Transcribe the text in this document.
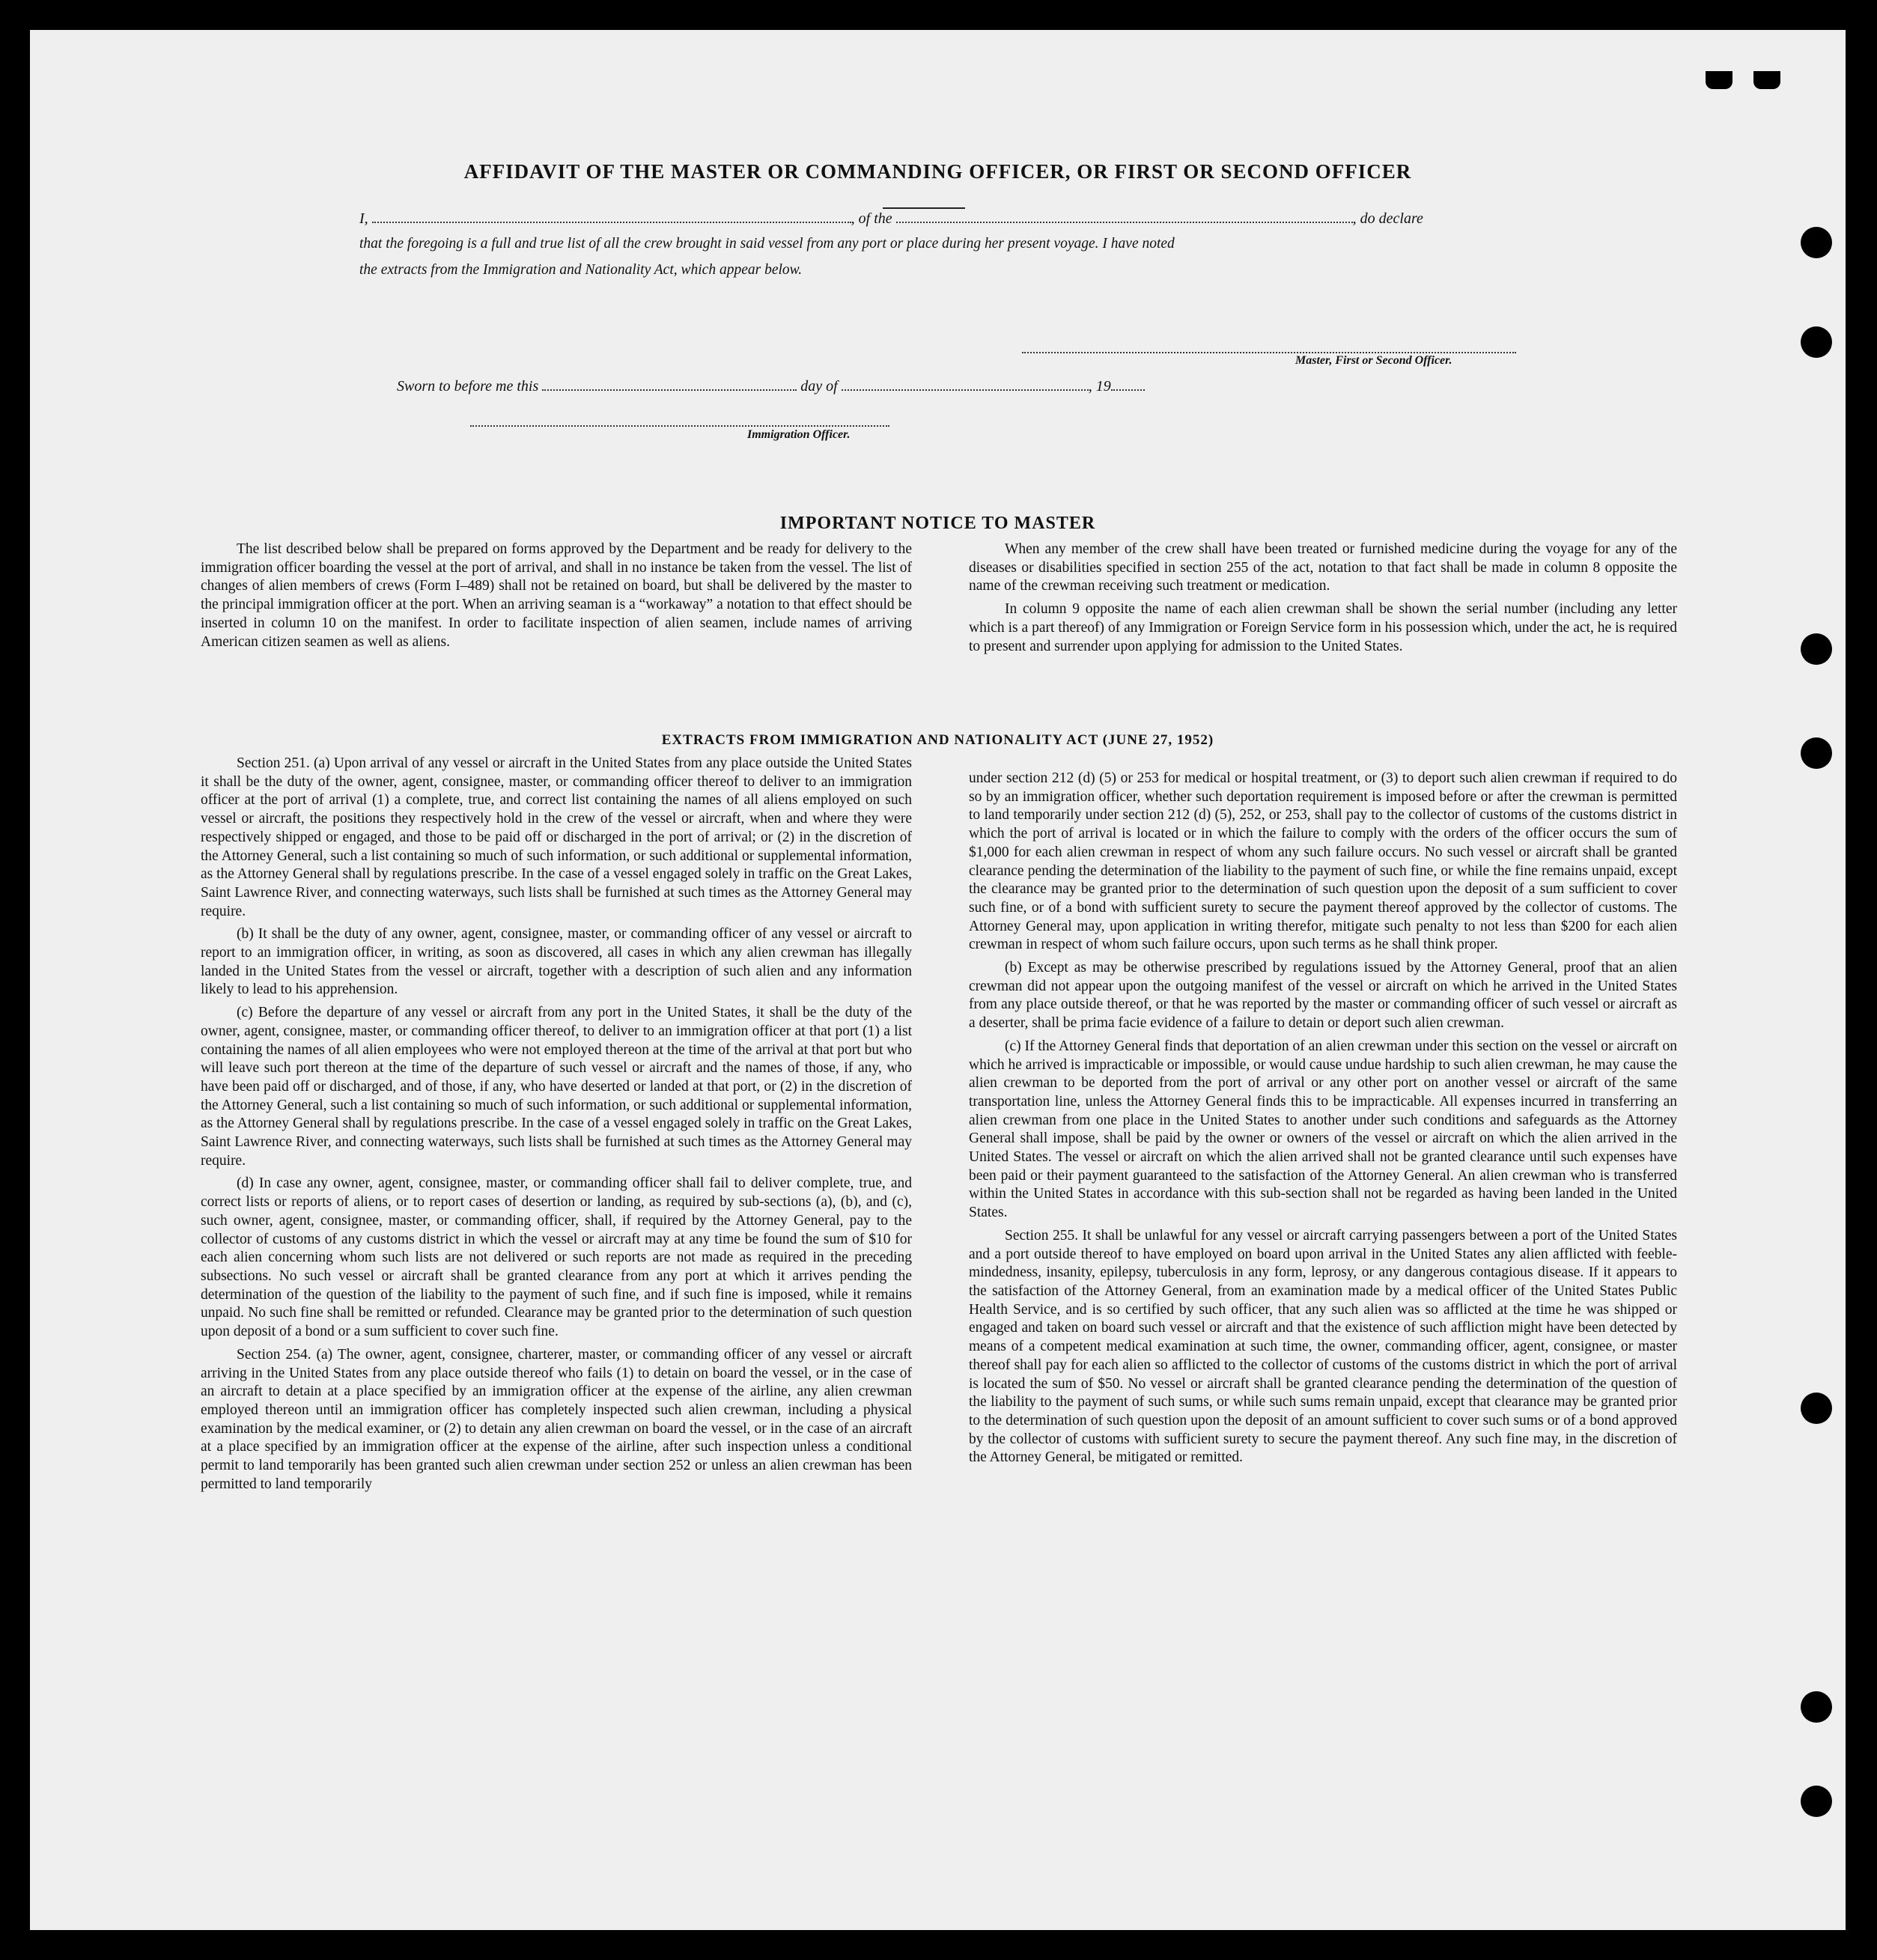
AFFIDAVIT OF THE MASTER OR COMMANDING OFFICER, OR FIRST OR SECOND OFFICER
I,	, of the	, do declare

that the foregoing is a full and true list of all the crew brought in said vessel from any port or place during her present voyage. I have noted

the extracts from the Immigration and Nationality Act, which appear below.

Master, First or Second Officer.
Sworn to before me this	day of	, 19
Immigration Officer.
IMPORTANT NOTICE TO MASTER

The list described below shall be prepared on forms approved by the Department and be ready for delivery to the immigration officer boarding the vessel at the port of arrival, and shall in no instance be taken from the vessel. The list of changes of alien members of crews (Form I–489) shall not be retained on board, but shall be delivered by the master to the principal immigration officer at the port. When an arriving seaman is a “workaway” a notation to that effect should be inserted in column 10 on the manifest. In order to facilitate inspection of alien seamen, include names of arriving American citizen seamen as well as aliens.

When any member of the crew shall have been treated or furnished medicine during the voyage for any of the diseases or disabilities specified in section 255 of the act, notation to that fact shall be made in column 8 opposite the name of the crewman receiving such treatment or medication.

In column 9 opposite the name of each alien crewman shall be shown the serial number (including any letter which is a part thereof) of any Immigration or Foreign Service form in his possession which, under the act, he is required to present and surrender upon applying for admission to the United States.

EXTRACTS FROM IMMIGRATION AND NATIONALITY ACT (JUNE 27, 1952)

Section 251. (a) Upon arrival of any vessel or aircraft in the United States from any place outside the United States it shall be the duty of the owner, agent, consignee, master, or commanding officer thereof to deliver to an immigration officer at the port of arrival (1) a complete, true, and correct list containing the names of all aliens employed on such vessel or aircraft, the positions they respectively hold in the crew of the vessel or aircraft, when and where they were respectively shipped or engaged, and those to be paid off or discharged in the port of arrival; or (2) in the discretion of the Attorney General, such a list containing so much of such information, or such additional or supplemental information, as the Attorney General shall by regulations prescribe. In the case of a vessel engaged solely in traffic on the Great Lakes, Saint Lawrence River, and connecting waterways, such lists shall be furnished at such times as the Attorney General may require.

(b) It shall be the duty of any owner, agent, consignee, master, or commanding officer of any vessel or aircraft to report to an immigration officer, in writing, as soon as discovered, all cases in which any alien crewman has illegally landed in the United States from the vessel or aircraft, together with a description of such alien and any information likely to lead to his apprehension.

(c) Before the departure of any vessel or aircraft from any port in the United States, it shall be the duty of the owner, agent, consignee, master, or commanding officer thereof, to deliver to an immigration officer at that port (1) a list containing the names of all alien employees who were not employed thereon at the time of the arrival at that port but who will leave such port thereon at the time of the departure of such vessel or aircraft and the names of those, if any, who have been paid off or discharged, and of those, if any, who have deserted or landed at that port, or (2) in the discretion of the Attorney General, such a list containing so much of such information, or such additional or supplemental information, as the Attorney General shall by regulations prescribe. In the case of a vessel engaged solely in traffic on the Great Lakes, Saint Lawrence River, and connecting waterways, such lists shall be furnished at such times as the Attorney General may require.

(d) In case any owner, agent, consignee, master, or commanding officer shall fail to deliver complete, true, and correct lists or reports of aliens, or to report cases of desertion or landing, as required by sub-sections (a), (b), and (c), such owner, agent, consignee, master, or commanding officer, shall, if required by the Attorney General, pay to the collector of customs of any customs district in which the vessel or aircraft may at any time be found the sum of $10 for each alien concerning whom such lists are not delivered or such reports are not made as required in the preceding subsections. No such vessel or aircraft shall be granted clearance from any port at which it arrives pending the determination of the question of the liability to the payment of such fine, and if such fine is imposed, while it remains unpaid. No such fine shall be remitted or refunded. Clearance may be granted prior to the determination of such question upon deposit of a bond or a sum sufficient to cover such fine.

Section 254. (a) The owner, agent, consignee, charterer, master, or commanding officer of any vessel or aircraft arriving in the United States from any place outside thereof who fails (1) to detain on board the vessel, or in the case of an aircraft to detain at a place specified by an immigration officer at the expense of the airline, any alien crewman employed thereon until an immigration officer has completely inspected such alien crewman, including a physical examination by the medical examiner, or (2) to detain any alien crewman on board the vessel, or in the case of an aircraft at a place specified by an immigration officer at the expense of the airline, after such inspection unless a conditional permit to land temporarily has been granted such alien crewman under section 252 or unless an alien crewman has been permitted to land temporarily

under section 212 (d) (5) or 253 for medical or hospital treatment, or (3) to deport such alien crewman if required to do so by an immigration officer, whether such deportation requirement is imposed before or after the crewman is permitted to land temporarily under section 212 (d) (5), 252, or 253, shall pay to the collector of customs of the customs district in which the port of arrival is located or in which the failure to comply with the orders of the officer occurs the sum of $1,000 for each alien crewman in respect of whom any such failure occurs. No such vessel or aircraft shall be granted clearance pending the determination of the liability to the payment of such fine, or while the fine remains unpaid, except the clearance may be granted prior to the determination of such question upon the deposit of a sum sufficient to cover such fine, or of a bond with sufficient surety to secure the payment thereof approved by the collector of customs. The Attorney General may, upon application in writing therefor, mitigate such penalty to not less than $200 for each alien crewman in respect of whom such failure occurs, upon such terms as he shall think proper.

(b) Except as may be otherwise prescribed by regulations issued by the Attorney General, proof that an alien crewman did not appear upon the outgoing manifest of the vessel or aircraft on which he arrived in the United States from any place outside thereof, or that he was reported by the master or commanding officer of such vessel or aircraft as a deserter, shall be prima facie evidence of a failure to detain or deport such alien crewman.

(c) If the Attorney General finds that deportation of an alien crewman under this section on the vessel or aircraft on which he arrived is impracticable or impossible, or would cause undue hardship to such alien crewman, he may cause the alien crewman to be deported from the port of arrival or any other port on another vessel or aircraft of the same transportation line, unless the Attorney General finds this to be impracticable. All expenses incurred in transferring an alien crewman from one place in the United States to another under such conditions and safeguards as the Attorney General shall impose, shall be paid by the owner or owners of the vessel or aircraft on which the alien arrived in the United States. The vessel or aircraft on which the alien arrived shall not be granted clearance until such expenses have been paid or their payment guaranteed to the satisfaction of the Attorney General. An alien crewman who is transferred within the United States in accordance with this sub-section shall not be regarded as having been landed in the United States.

Section 255. It shall be unlawful for any vessel or aircraft carrying passengers between a port of the United States and a port outside thereof to have employed on board upon arrival in the United States any alien afflicted with feeble-mindedness, insanity, epilepsy, tuberculosis in any form, leprosy, or any dangerous contagious disease. If it appears to the satisfaction of the Attorney General, from an examination made by a medical officer of the United States Public Health Service, and is so certified by such officer, that any such alien was so afflicted at the time he was shipped or engaged and taken on board such vessel or aircraft and that the existence of such affliction might have been detected by means of a competent medical examination at such time, the owner, commanding officer, agent, consignee, or master thereof shall pay for each alien so afflicted to the collector of customs of the customs district in which the port of arrival is located the sum of $50. No vessel or aircraft shall be granted clearance pending the determination of the question of the liability to the payment of such sums, or while such sums remain unpaid, except that clearance may be granted prior to the determination of such question upon the deposit of an amount sufficient to cover such sums or of a bond approved by the collector of customs with sufficient surety to secure the payment thereof. Any such fine may, in the discretion of the Attorney General, be mitigated or remitted.
